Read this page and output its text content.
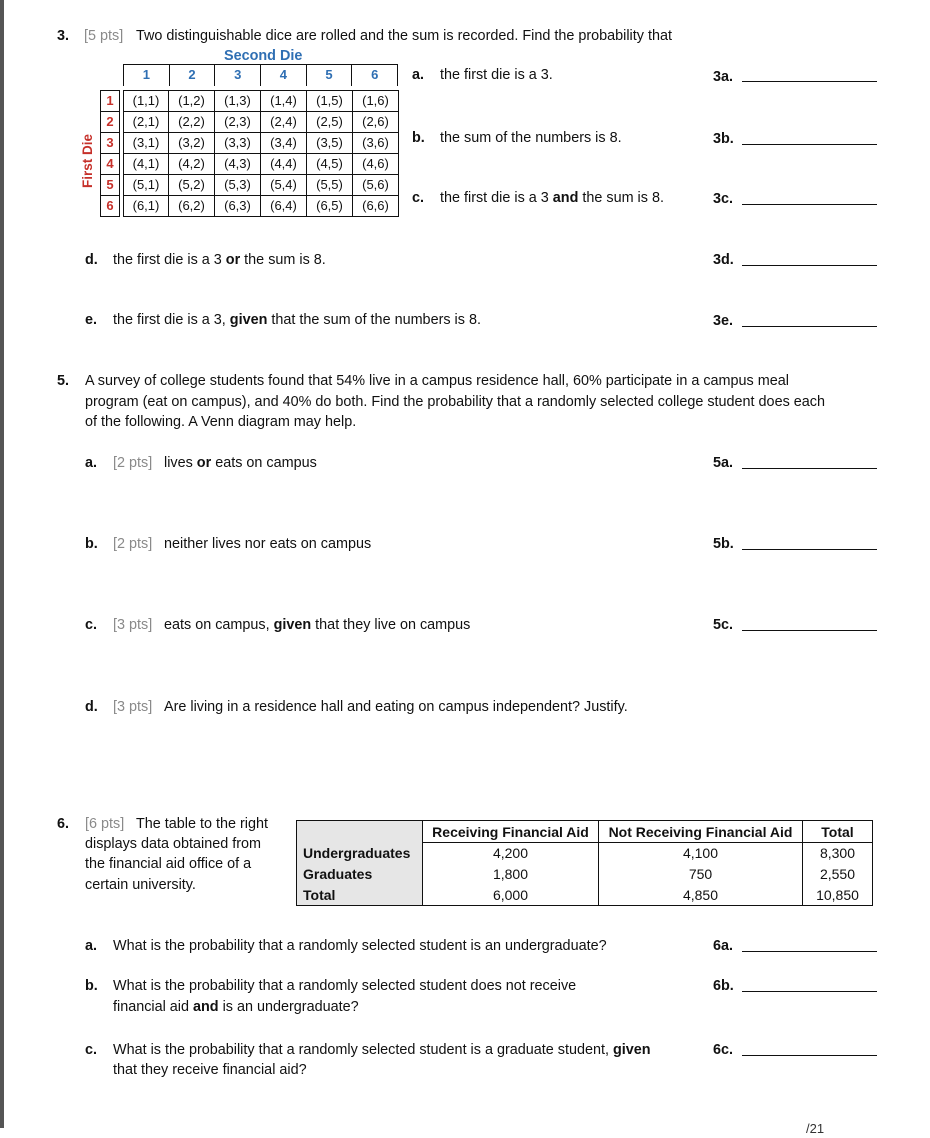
3. [5 pts] Two distinguishable dice are rolled and the sum is recorded. Find the probability that
Second Die
First Die
1	2	3	4	5	6
1	(1,1)	(1,2)	(1,3)	(1,4)	(1,5)	(1,6)
2	(2,1)	(2,2)	(2,3)	(2,4)	(2,5)	(2,6)
3	(3,1)	(3,2)	(3,3)	(3,4)	(3,5)	(3,6)
4	(4,1)	(4,2)	(4,3)	(4,4)	(4,5)	(4,6)
5	(5,1)	(5,2)	(5,3)	(5,4)	(5,5)	(5,6)
6	(6,1)	(6,2)	(6,3)	(6,4)	(6,5)	(6,6)
a. the first die is a 3.	3a.
b. the sum of the numbers is 8.	3b.
c. the first die is a 3 and the sum is 8.	3c.
d. the first die is a 3 or the sum is 8.	3d.
e. the first die is a 3, given that the sum of the numbers is 8.	3e.
5. A survey of college students found that 54% live in a campus residence hall, 60% participate in a campus meal
program (eat on campus), and 40% do both. Find the probability that a randomly selected college student does each
of the following. A Venn diagram may help.
a. [2 pts] lives or eats on campus	5a.
b. [2 pts] neither lives nor eats on campus	5b.
c. [3 pts] eats on campus, given that they live on campus	5c.
d. [3 pts] Are living in a residence hall and eating on campus independent? Justify.
6. [6 pts] The table to the right
displays data obtained from
the financial aid office of a
certain university.
	Receiving Financial Aid	Not Receiving Financial Aid	Total
Undergraduates	4,200	4,100	8,300
Graduates	1,800	750	2,550
Total	6,000	4,850	10,850
a. What is the probability that a randomly selected student is an undergraduate?	6a.
b. What is the probability that a randomly selected student does not receive
financial aid and is an undergraduate?
6b.
c. What is the probability that a randomly selected student is a graduate student, given
that they receive financial aid?
6c.
/21
